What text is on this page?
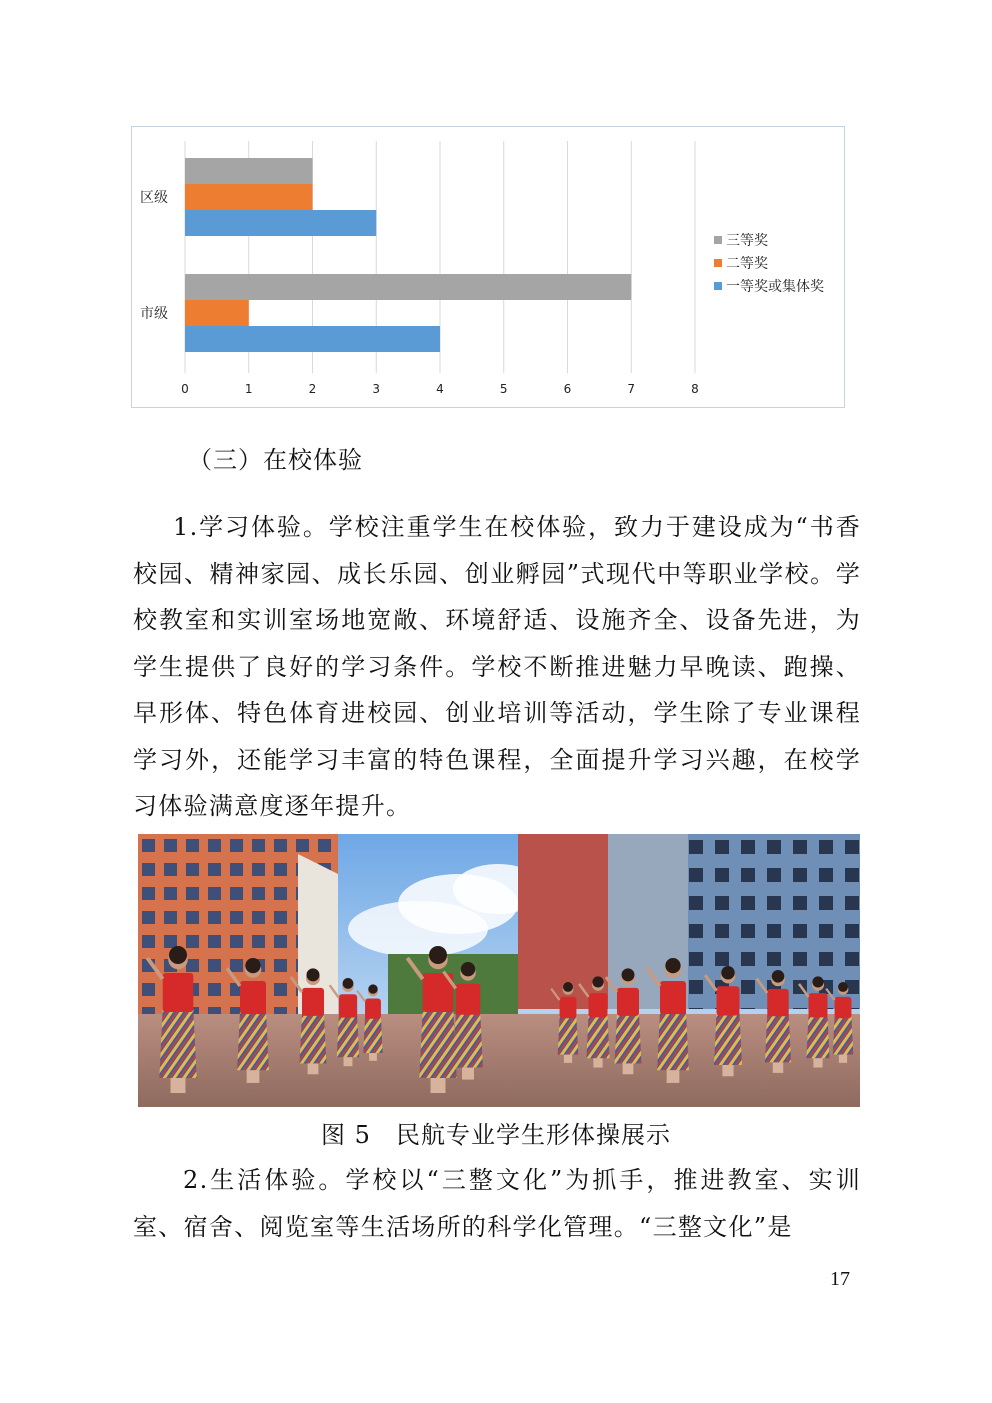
0	1	2	3	4	5	6	7	8
区级
市级
三等奖
二等奖
一等奖或集体奖
（三）在校体验

1.学习体验。学校注重学生在校体验，致力于建设成为“书香校园、精神家园、成长乐园、创业孵园”式现代中等职业学校。学校教室和实训室场地宽敞、环境舒适、设施齐全、设备先进，为学生提供了良好的学习条件。学校不断推进魅力早晚读、跑操、早形体、特色体育进校园、创业培训等活动，学生除了专业课程学习外，还能学习丰富的特色课程，全面提升学习兴趣，在校学习体验满意度逐年提升。

图 5　民航专业学生形体操展示

2.生活体验。学校以“三整文化”为抓手，推进教室、实训室、宿舍、阅览室等生活场所的科学化管理。“三整文化”是

17
